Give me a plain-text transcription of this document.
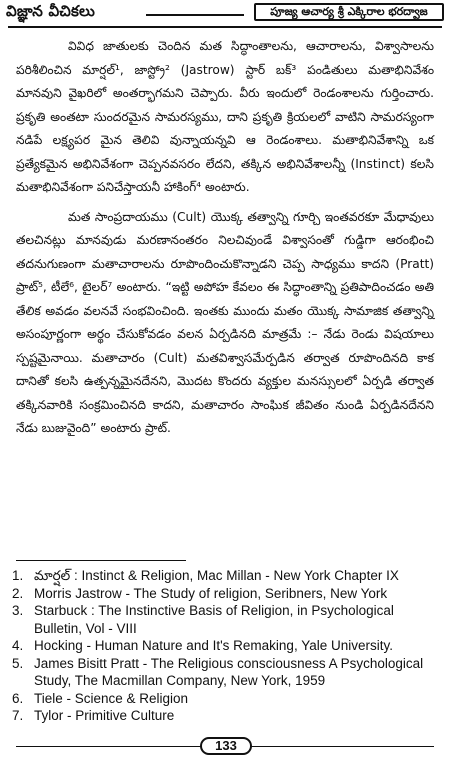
విజ్ఞాన వీచికలు	పూజ్య ఆచార్య శ్రీ ఎక్కిరాల భరద్వాజ

వివిధ జాతులకు చెందిన మత సిద్ధాంతాలను, ఆచారాలను, విశ్వాసాలను పరిశీలించిన మార్షల్¹, జాస్ట్రో² (Jastrow) స్టార్ బక్³ పండితులు మతాభినివేశం మానవుని వైఖరిలో అంతర్భాగమని చెప్పారు. వీరు ఇందులో రెండంశాలను గుర్తించారు. ప్రకృతి అంతటా సుందరమైన సామరస్యము, దాని ప్రకృతి క్రియలలో వాటిని సామరస్యంగా నడిపే లక్ష్యపర మైన తెలివి వున్నాయన్నవి ఆ రెండంశాలు. మతాభినివేశాన్ని ఒక ప్రత్యేకమైన అభినివేశంగా చెప్పనవసరం లేదని, తక్కిన అభినివేశాలన్నీ (Instinct) కలసి మతాభినివేశంగా పనిచేస్తాయనీ హాకింగ్⁴ అంటారు.

మత సాంప్రదాయము (Cult) యొక్క తత్వాన్ని గూర్చి ఇంతవరకూ మేధావులు తలచినట్లు మానవుడు మరణానంతరం నిలచివుండే విశ్వాసంతో గుడ్డిగా ఆరంభించి తదనుగుణంగా మతాచారాలను రూపొందించుకొన్నాడని చెప్ప సాధ్యము కాదని (Pratt) ప్రాట్⁵, టీలే⁶, టైలర్⁷ అంటారు. “ఇట్టి అపోహ కేవలం ఈ సిద్ధాంతాన్ని ప్రతిపాదించడం అతి తేలిక అవడం వలనవే సంభవించింది. ఇంతకు ముందు మతం యొక్క సామాజిక తత్వాన్ని అసంపూర్ణంగా అర్థం చేసుకోవడం వలన ఏర్పడినది మాత్రమే :– నేడు రెండు విషయాలు స్పష్టమైనాయి. మతాచారం (Cult) మతవిశ్వాసమేర్పడిన తర్వాత రూపొందినది కాక దానితో కలసి ఉత్పన్నమైనదేనని, మొదట కొందరు వ్యక్తుల మనస్సులలో ఏర్పడి తర్వాత తక్కినవారికి సంక్రమించినది కాదని, మతాచారం సాంఘిక జీవితం నుండి ఏర్పడినదేనని నేడు బుజువైంది” అంటారు ప్రాట్.

1. మార్షల్ : Instinct & Religion, Mac Millan - New York Chapter IX
2. Morris Jastrow - The Study of religion, Seribners, New York
3. Starbuck : The Instinctive Basis of Religion, in Psychological Bulletin, Vol - VIII
4. Hocking - Human Nature and It's Remaking, Yale University.
5. James Bisitt Pratt - The Religious consciousness A Psychological Study, The Macmillan Company, New York, 1959
6. Tiele - Science & Religion
7. Tylor - Primitive Culture
133
